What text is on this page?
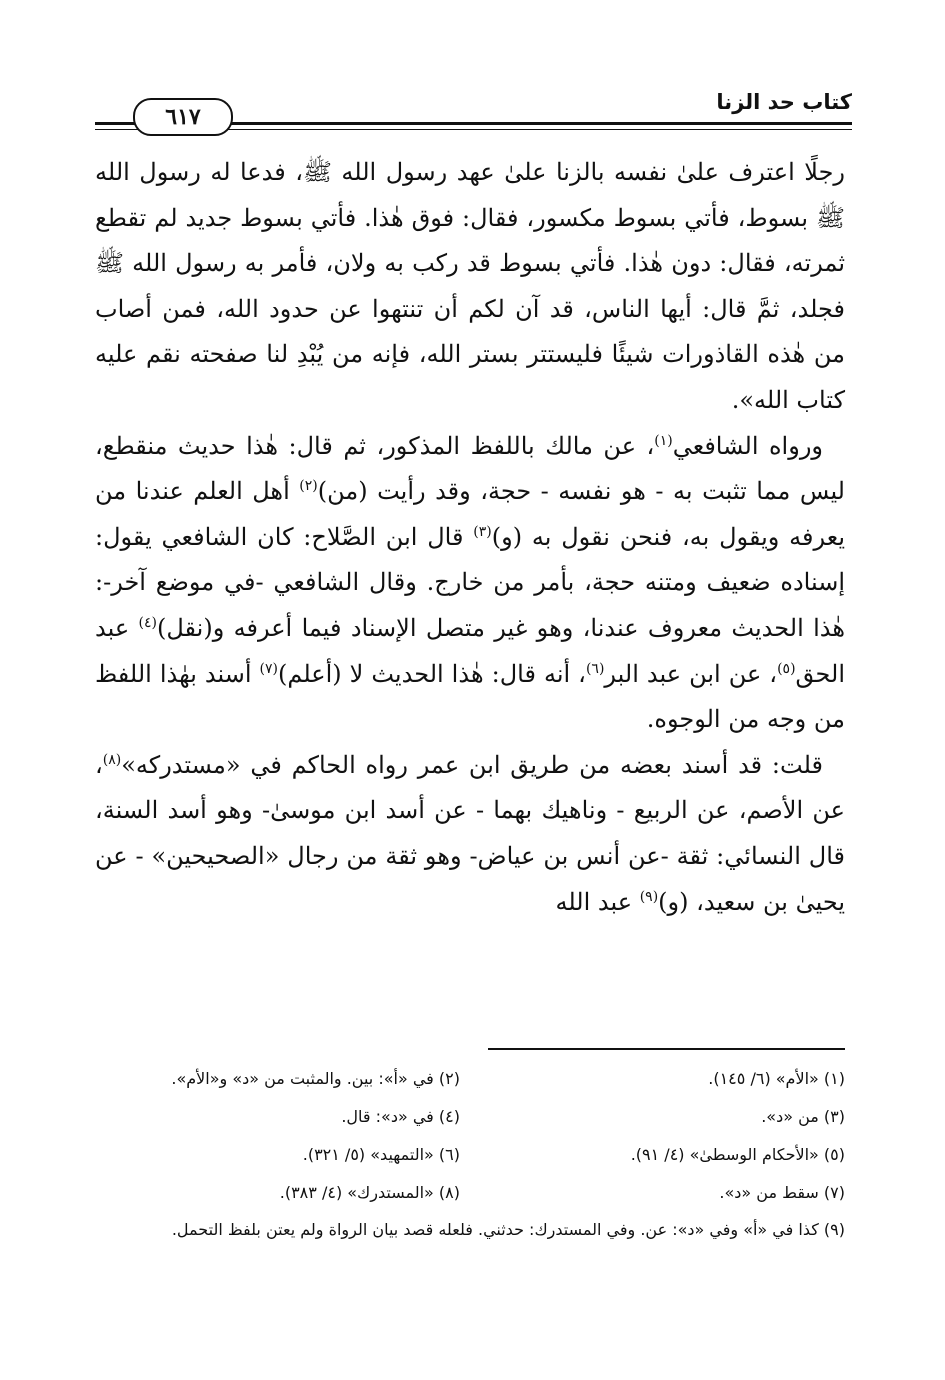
كتاب حد الزنا
٦١٧

رجلًا اعترف علىٰ نفسه بالزنا علىٰ عهد رسول الله ﷺ، فدعا له رسول الله ﷺ بسوط، فأتي بسوط مكسور، فقال: فوق هٰذا. فأتي بسوط جديد لم تقطع ثمرته، فقال: دون هٰذا. فأتي بسوط قد ركب به ولان، فأمر به رسول الله ﷺ فجلد، ثمَّ قال: أيها الناس، قد آن لكم أن تنتهوا عن حدود الله، فمن أصاب من هٰذه القاذورات شيئًا فليستتر بستر الله، فإنه من يُبْدِ لنا صفحته نقم عليه كتاب الله».

ورواه الشافعي$^{(١)}$، عن مالك باللفظ المذكور، ثم قال: هٰذا حديث منقطع، ليس مما تثبت به - هو نفسه - حجة، وقد رأيت (من)$^{(٢)}$ أهل العلم عندنا من يعرفه ويقول به، فنحن نقول به (و)$^{(٣)}$ قال ابن الصَّلاح: كان الشافعي يقول: إسناده ضعيف ومتنه حجة، بأمر من خارج. وقال الشافعي -في موضع آخر-: هٰذا الحديث معروف عندنا، وهو غير متصل الإسناد فيما أعرفه و(نقل)$^{(٤)}$ عبد الحق$^{(٥)}$، عن ابن عبد البر$^{(٦)}$، أنه قال: هٰذا الحديث لا (أعلم)$^{(٧)}$ أسند بهٰذا اللفظ من وجه من الوجوه.

قلت: قد أسند بعضه من طريق ابن عمر رواه الحاكم في «مستدركه»$^{(٨)}$، عن الأصم، عن الربيع - وناهيك بهما - عن أسد ابن موسىٰ- وهو أسد السنة، قال النسائي: ثقة -عن أنس بن عياض- وهو ثقة من رجال «الصحيحين» - عن يحيىٰ بن سعيد، (و)$^{(٩)}$ عبد الله

(١) «الأم» (٦/ ١٤٥).
(٢) في «أ»: بين. والمثبت من «د» و«الأم».
(٣) من «د».
(٤) في «د»: قال.
(٥) «الأحكام الوسطىٰ» (٤/ ٩١).
(٦) «التمهيد» (٥/ ٣٢١).
(٧) سقط من «د».
(٨) «المستدرك» (٤/ ٣٨٣).

(٩) كذا في «أ» وفي «د»: عن. وفي المستدرك: حدثني. فلعله قصد بيان الرواة ولم يعتن بلفظ التحمل.
